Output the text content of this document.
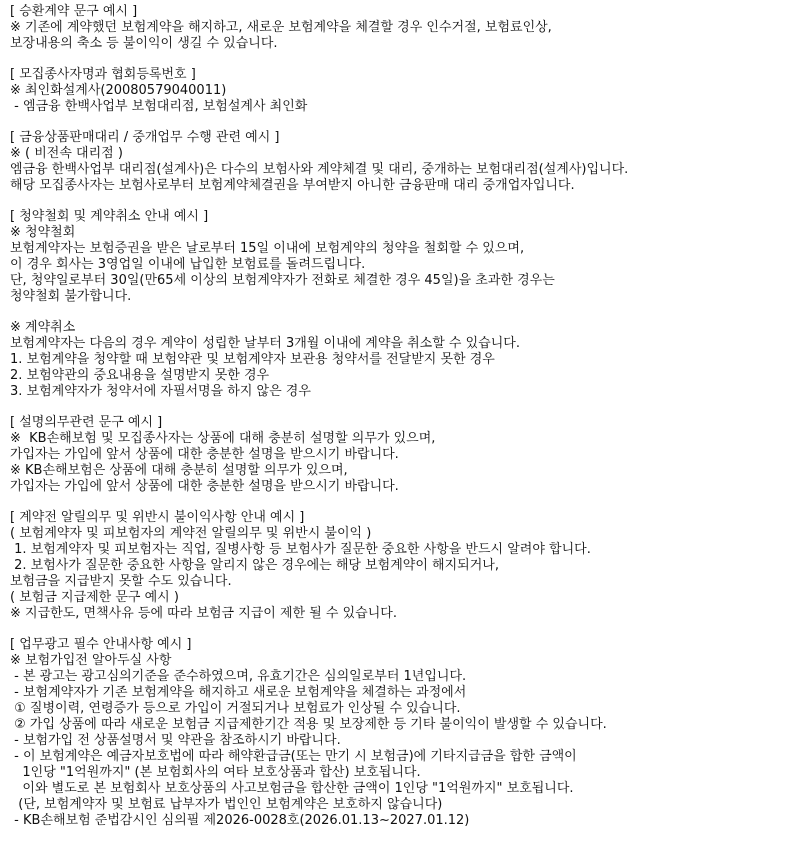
[ 승환계약 문구 예시 ]
※ 기존에 계약했던 보험계약을 해지하고, 새로운 보험계약을 체결할 경우 인수거절, 보험료인상,
보장내용의 축소 등 불이익이 생길 수 있습니다.
[ 모집종사자명과 협회등록번호 ]
※ 최인화설계사(20080579040011)
- 엠금융 한백사업부 보험대리점, 보험설계사 최인화
[ 금융상품판매대리 / 중개업무 수행 관련 예시 ]
※ ( 비전속 대리점 )
엠금융 한백사업부 대리점(설계사)은 다수의 보험사와 계약체결 및 대리, 중개하는 보험대리점(설계사)입니다.
해당 모집종사자는 보험사로부터 보험계약체결권을 부여받지 아니한 금융판매 대리 중개업자입니다.
[ 청약철회 및 계약취소 안내 예시 ]
※ 청약철회
보험계약자는 보험증권을 받은 날로부터 15일 이내에 보험계약의 청약을 철회할 수 있으며,
이 경우 회사는 3영업일 이내에 납입한 보험료를 돌려드립니다.
단, 청약일로부터 30일(만65세 이상의 보험계약자가 전화로 체결한 경우 45일)을 초과한 경우는
청약철회 불가합니다.
※ 계약취소
보험계약자는 다음의 경우 계약이 성립한 날부터 3개월 이내에 계약을 취소할 수 있습니다.
1. 보험계약을 청약할 때 보험약관 및 보험계약자 보관용 청약서를 전달받지 못한 경우
2. 보험약관의 중요내용을 설명받지 못한 경우
3. 보험계약자가 청약서에 자필서명을 하지 않은 경우
[ 설명의무관련 문구 예시 ]
※  KB손해보험 및 모집종사자는 상품에 대해 충분히 설명할 의무가 있으며,
가입자는 가입에 앞서 상품에 대한 충분한 설명을 받으시기 바랍니다.
※ KB손해보험은 상품에 대해 충분히 설명할 의무가 있으며,
가입자는 가입에 앞서 상품에 대한 충분한 설명을 받으시기 바랍니다.
[ 계약전 알릴의무 및 위반시 불이익사항 안내 예시 ]
( 보험계약자 및 피보험자의 계약전 알릴의무 및 위반시 불이익 )
1. 보험계약자 및 피보험자는 직업, 질병사항 등 보험사가 질문한 중요한 사항을 반드시 알려야 합니다.
2. 보험사가 질문한 중요한 사항을 알리지 않은 경우에는 해당 보험계약이 해지되거나,
보험금을 지급받지 못할 수도 있습니다.
( 보험금 지급제한 문구 예시 )
※ 지급한도, 면책사유 등에 따라 보험금 지급이 제한 될 수 있습니다.
[ 업무광고 필수 안내사항 예시 ]
※ 보험가입전 알아두실 사항
- 본 광고는 광고심의기준을 준수하였으며, 유효기간은 심의일로부터 1년입니다.
- 보험계약자가 기존 보험계약을 해지하고 새로운 보험계약을 체결하는 과정에서
① 질병이력, 연령증가 등으로 가입이 거절되거나 보험료가 인상될 수 있습니다.
② 가입 상품에 따라 새로운 보험금 지급제한기간 적용 및 보장제한 등 기타 불이익이 발생할 수 있습니다.
- 보험가입 전 상품설명서 및 약관을 참조하시기 바랍니다.
- 이 보험계약은 예금자보호법에 따라 해약환급금(또는 만기 시 보험금)에 기타지급금을 합한 금액이
1인당 "1억원까지" (본 보험회사의 여타 보호상품과 합산) 보호됩니다.
이와 별도로 본 보험회사 보호상품의 사고보험금을 합산한 금액이 1인당 "1억원까지" 보호됩니다.
(단, 보험계약자 및 보험료 납부자가 법인인 보험계약은 보호하지 않습니다)
- KB손해보험 준법감시인 심의필 제2026-0028호(2026.01.13~2027.01.12)
